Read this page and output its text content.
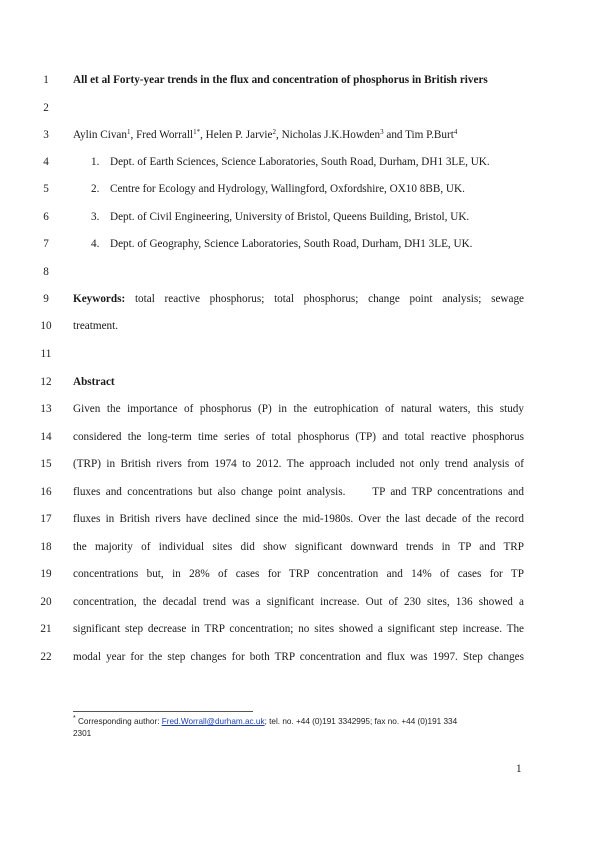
1
2
3
4
5
6
7
8
9
10
11
12
13
14
15
16
17
18
19
20
21
22
All et al Forty-year trends in the flux and concentration of phosphorus in British rivers
Aylin Civan$^1$, Fred Worrall$^{1*}$, Helen P. Jarvie$^2$, Nicholas J.K.Howden$^3$ and Tim P.Burt$^4$
1. Dept. of Earth Sciences, Science Laboratories, South Road, Durham, DH1 3LE, UK.
2. Centre for Ecology and Hydrology, Wallingford, Oxfordshire, OX10 8BB, UK.
3. Dept. of Civil Engineering, University of Bristol, Queens Building, Bristol, UK.
4. Dept. of Geography, Science Laboratories, South Road, Durham, DH1 3LE, UK.
Keywords: total reactive phosphorus; total phosphorus; change point analysis; sewage
treatment.
Abstract
Given the importance of phosphorus (P) in the eutrophication of natural waters, this study
considered the long-term time series of total phosphorus (TP) and total reactive phosphorus
(TRP) in British rivers from 1974 to 2012. The approach included not only trend analysis of
fluxes and concentrations but also change point analysis.     TP and TRP concentrations and
fluxes in British rivers have declined since the mid-1980s. Over the last decade of the record
the majority of individual sites did show significant downward trends in TP and TRP
concentrations but, in 28% of cases for TRP concentration and 14% of cases for TP
concentration, the decadal trend was a significant increase. Out of 230 sites, 136 showed a
significant step decrease in TRP concentration; no sites showed a significant step increase. The
modal year for the step changes for both TRP concentration and flux was 1997. Step changes
* Corresponding author: Fred.Worrall@durham.ac.uk; tel. no. +44 (0)191 3342995; fax no. +44 (0)191 334
2301
1
